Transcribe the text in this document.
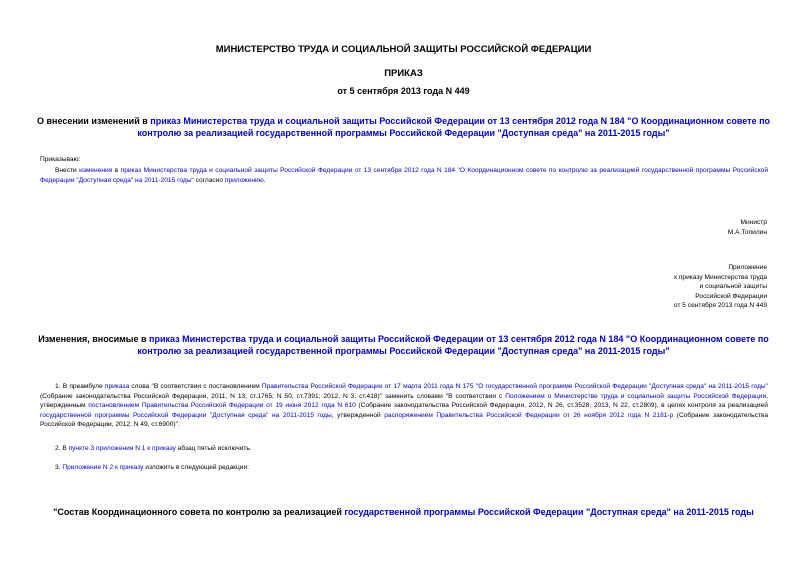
МИНИСТЕРСТВО ТРУДА И СОЦИАЛЬНОЙ ЗАЩИТЫ РОССИЙСКОЙ ФЕДЕРАЦИИ
ПРИКАЗ
от 5 сентября 2013 года N 449
О внесении изменений в приказ Министерства труда и социальной защиты Российской Федерации от 13 сентября 2012 года N 184 "О Координационном совете по контролю за реализацией государственной программы Российской Федерации "Доступная среда" на 2011-2015 годы"
Приказываю:
Внести изменения в приказ Министерства труда и социальной защиты Российской Федерации от 13 сентября 2012 года N 184 "О Координационном совете по контролю за реализацией государственной программы Российской Федерации "Доступная среда" на 2011-2015 годы" согласно приложению.
Министр
М.А.Топилин
Приложение
к приказу Министерства труда
и социальной защиты
Российской Федерации
от 5 сентября 2013 года N 449
Изменения, вносимые в приказ Министерства труда и социальной защиты Российской Федерации от 13 сентября 2012 года N 184 "О Координационном совете по контролю за реализацией государственной программы Российской Федерации "Доступная среда" на 2011-2015 годы"
1. В преамбуле приказа слова "В соответствии с постановлением Правительства Российской Федерации от 17 марта 2011 года N 175 "О государственной программе Российской Федерации "Доступная среда" на 2011-2015 годы" (Собрание законодательства Российской Федерации, 2011, N 13, ст.1765; N 50, ст.7391; 2012, N 3, ст.418)" заменить словами "В соответствии с Положением о Министерстве труда и социальной защиты Российской Федерации, утвержденным постановлением Правительства Российской Федерации от 19 июня 2012 года N 610 (Собрание законодательства Российской Федерации, 2012, N 26, ст.3528; 2013, N 22, ст.2809), в целях контроля за реализацией государственной программы Российской Федерации "Доступная среда" на 2011-2015 годы, утвержденной распоряжением Правительства Российской Федерации от 26 ноября 2012 года N 2181-р (Собрание законодательства Российской Федерации, 2012, N 49, ст.6900)".
2. В пункте 3 приложения N 1 к приказу абзац пятый исключить.
3. Приложение N 2 к приказу изложить в следующей редакции:
"Состав Координационного совета по контролю за реализацией государственной программы Российской Федерации "Доступная среда" на 2011-2015 годы
